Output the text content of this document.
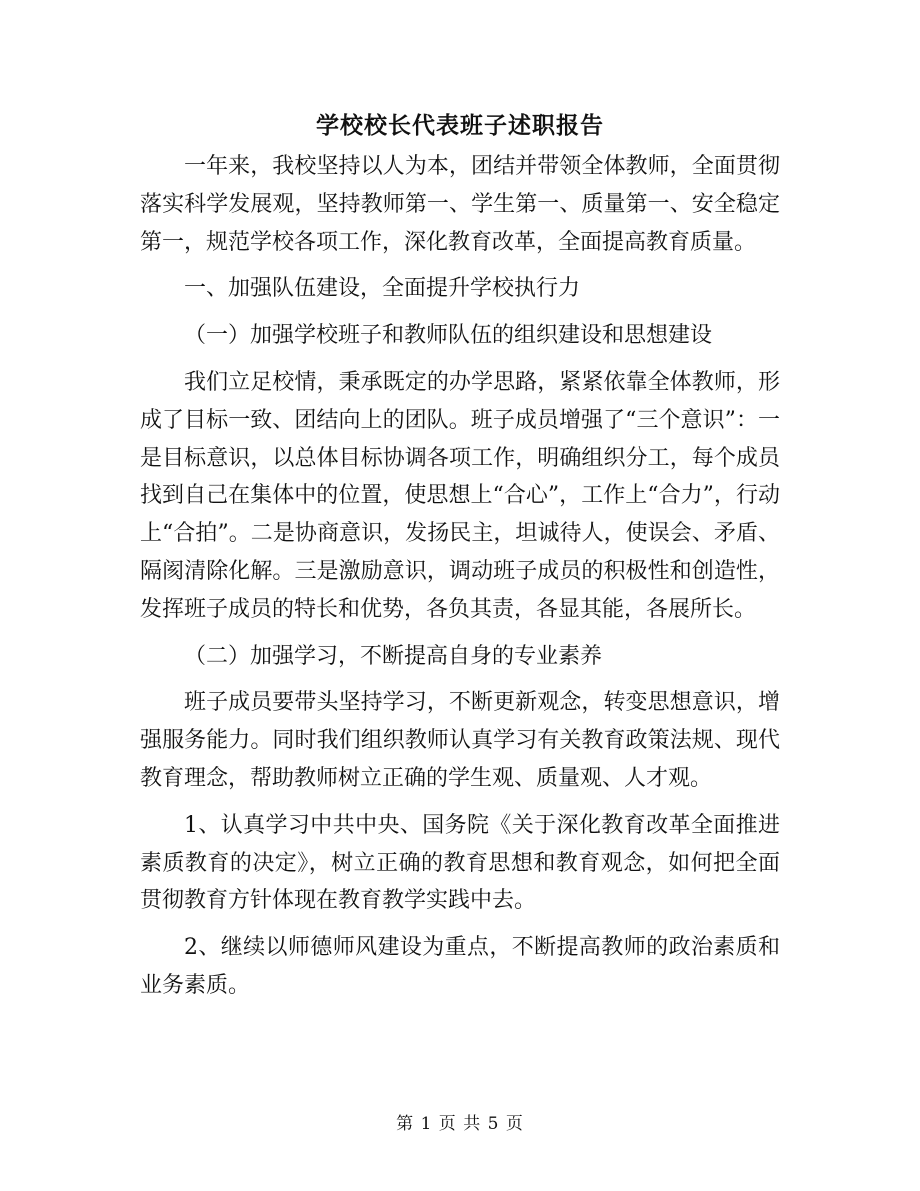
学校校长代表班子述职报告

一年来，我校坚持以人为本，团结并带领全体教师，全面贯彻落实科学发展观，坚持教师第一、学生第一、质量第一、安全稳定第一，规范学校各项工作，深化教育改革，全面提高教育质量。

一、加强队伍建设，全面提升学校执行力

（一）加强学校班子和教师队伍的组织建设和思想建设

我们立足校情，秉承既定的办学思路，紧紧依靠全体教师，形成了目标一致、团结向上的团队。班子成员增强了“三个意识”：一是目标意识，以总体目标协调各项工作，明确组织分工，每个成员找到自己在集体中的位置，使思想上“合心”，工作上“合力”，行动上“合拍”。二是协商意识，发扬民主，坦诚待人，使误会、矛盾、隔阂清除化解。三是激励意识，调动班子成员的积极性和创造性，发挥班子成员的特长和优势，各负其责，各显其能，各展所长。

（二）加强学习，不断提高自身的专业素养

班子成员要带头坚持学习，不断更新观念，转变思想意识，增强服务能力。同时我们组织教师认真学习有关教育政策法规、现代教育理念，帮助教师树立正确的学生观、质量观、人才观。

1、认真学习中共中央、国务院《关于深化教育改革全面推进素质教育的决定》，树立正确的教育思想和教育观念，如何把全面贯彻教育方针体现在教育教学实践中去。

2、继续以师德师风建设为重点，不断提高教师的政治素质和业务素质。

第 1 页 共 5 页
